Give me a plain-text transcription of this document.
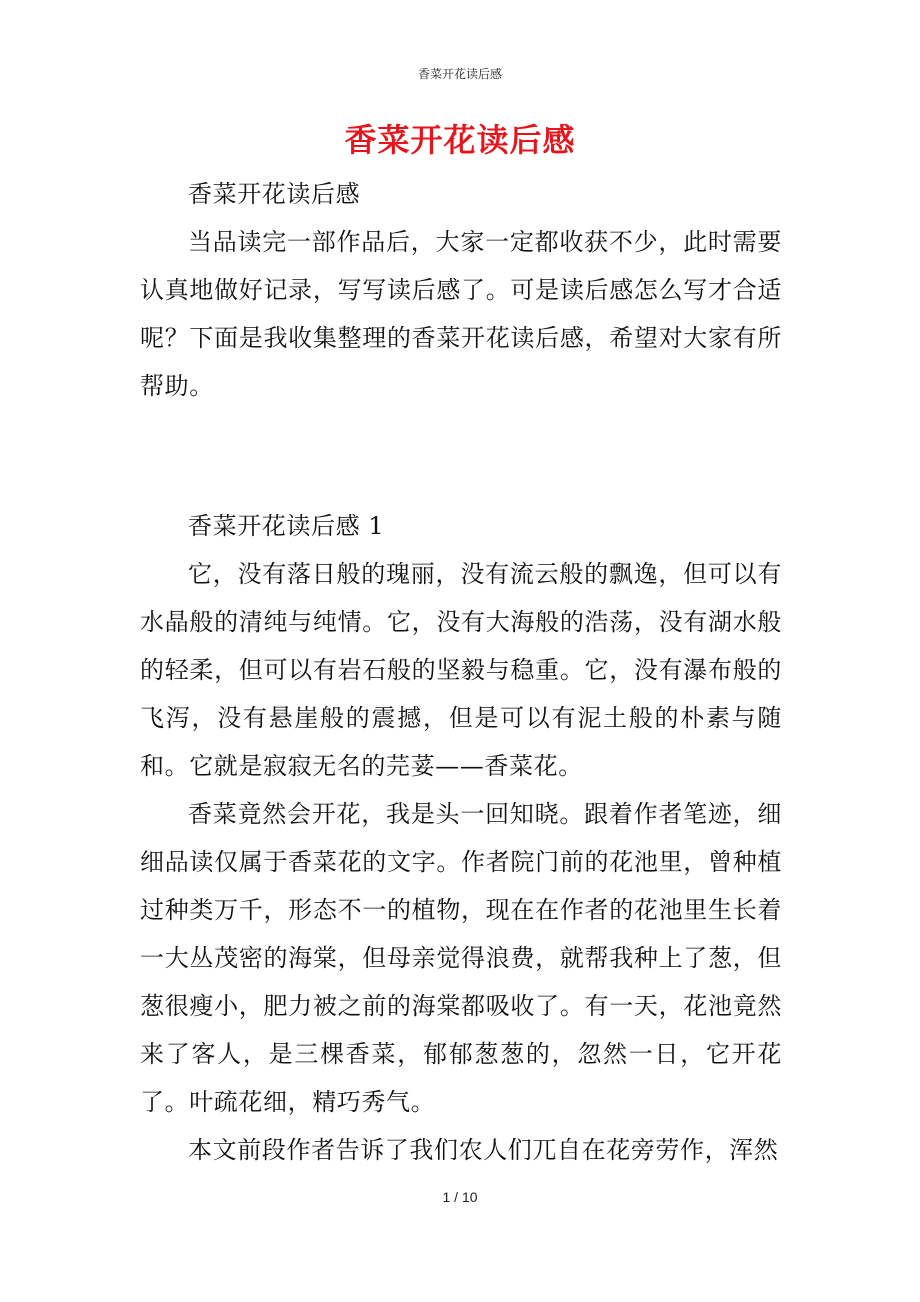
香菜开花读后感
香菜开花读后感

香菜开花读后感

当品读完一部作品后，大家一定都收获不少，此时需要认真地做好记录，写写读后感了。可是读后感怎么写才合适呢？下面是我收集整理的香菜开花读后感，希望对大家有所帮助。

香菜开花读后感 1

它，没有落日般的瑰丽，没有流云般的飘逸，但可以有水晶般的清纯与纯情。它，没有大海般的浩荡，没有湖水般的轻柔，但可以有岩石般的坚毅与稳重。它，没有瀑布般的飞泻，没有悬崖般的震撼，但是可以有泥土般的朴素与随和。它就是寂寂无名的芫荽——香菜花。

香菜竟然会开花，我是头一回知晓。跟着作者笔迹，细细品读仅属于香菜花的文字。作者院门前的花池里，曾种植过种类万千，形态不一的植物，现在在作者的花池里生长着一大丛茂密的海棠，但母亲觉得浪费，就帮我种上了葱，但葱很瘦小，肥力被之前的海棠都吸收了。有一天，花池竟然来了客人，是三棵香菜，郁郁葱葱的，忽然一日，它开花了。叶疏花细，精巧秀气。

本文前段作者告诉了我们农人们兀自在花旁劳作，浑然

1 / 10
